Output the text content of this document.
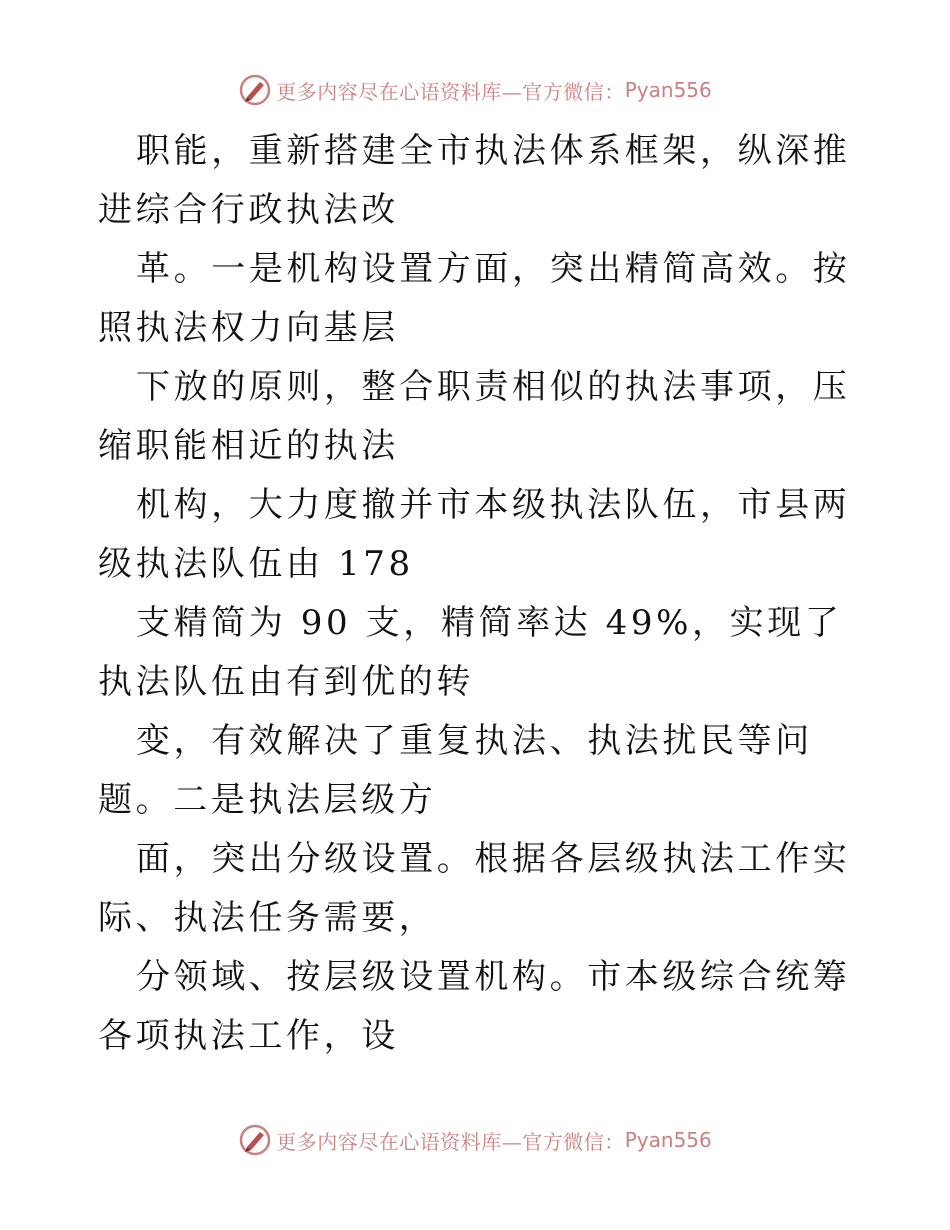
更多内容尽在心语资料库—官方微信： Pyan556

职能，重新搭建全市执法体系框架，纵深推进综合行政执法改

革。一是机构设置方面，突出精简高效。按照执法权力向基层

下放的原则，整合职责相似的执法事项，压缩职能相近的执法

机构，大力度撤并市本级执法队伍，市县两级执法队伍由 178

支精简为 90 支，精简率达 49%，实现了执法队伍由有到优的转

变，有效解决了重复执法、执法扰民等问题。二是执法层级方

面，突出分级设置。根据各层级执法工作实际、执法任务需要，

分领域、按层级设置机构。市本级综合统筹各项执法工作，设

更多内容尽在心语资料库—官方微信： Pyan556
